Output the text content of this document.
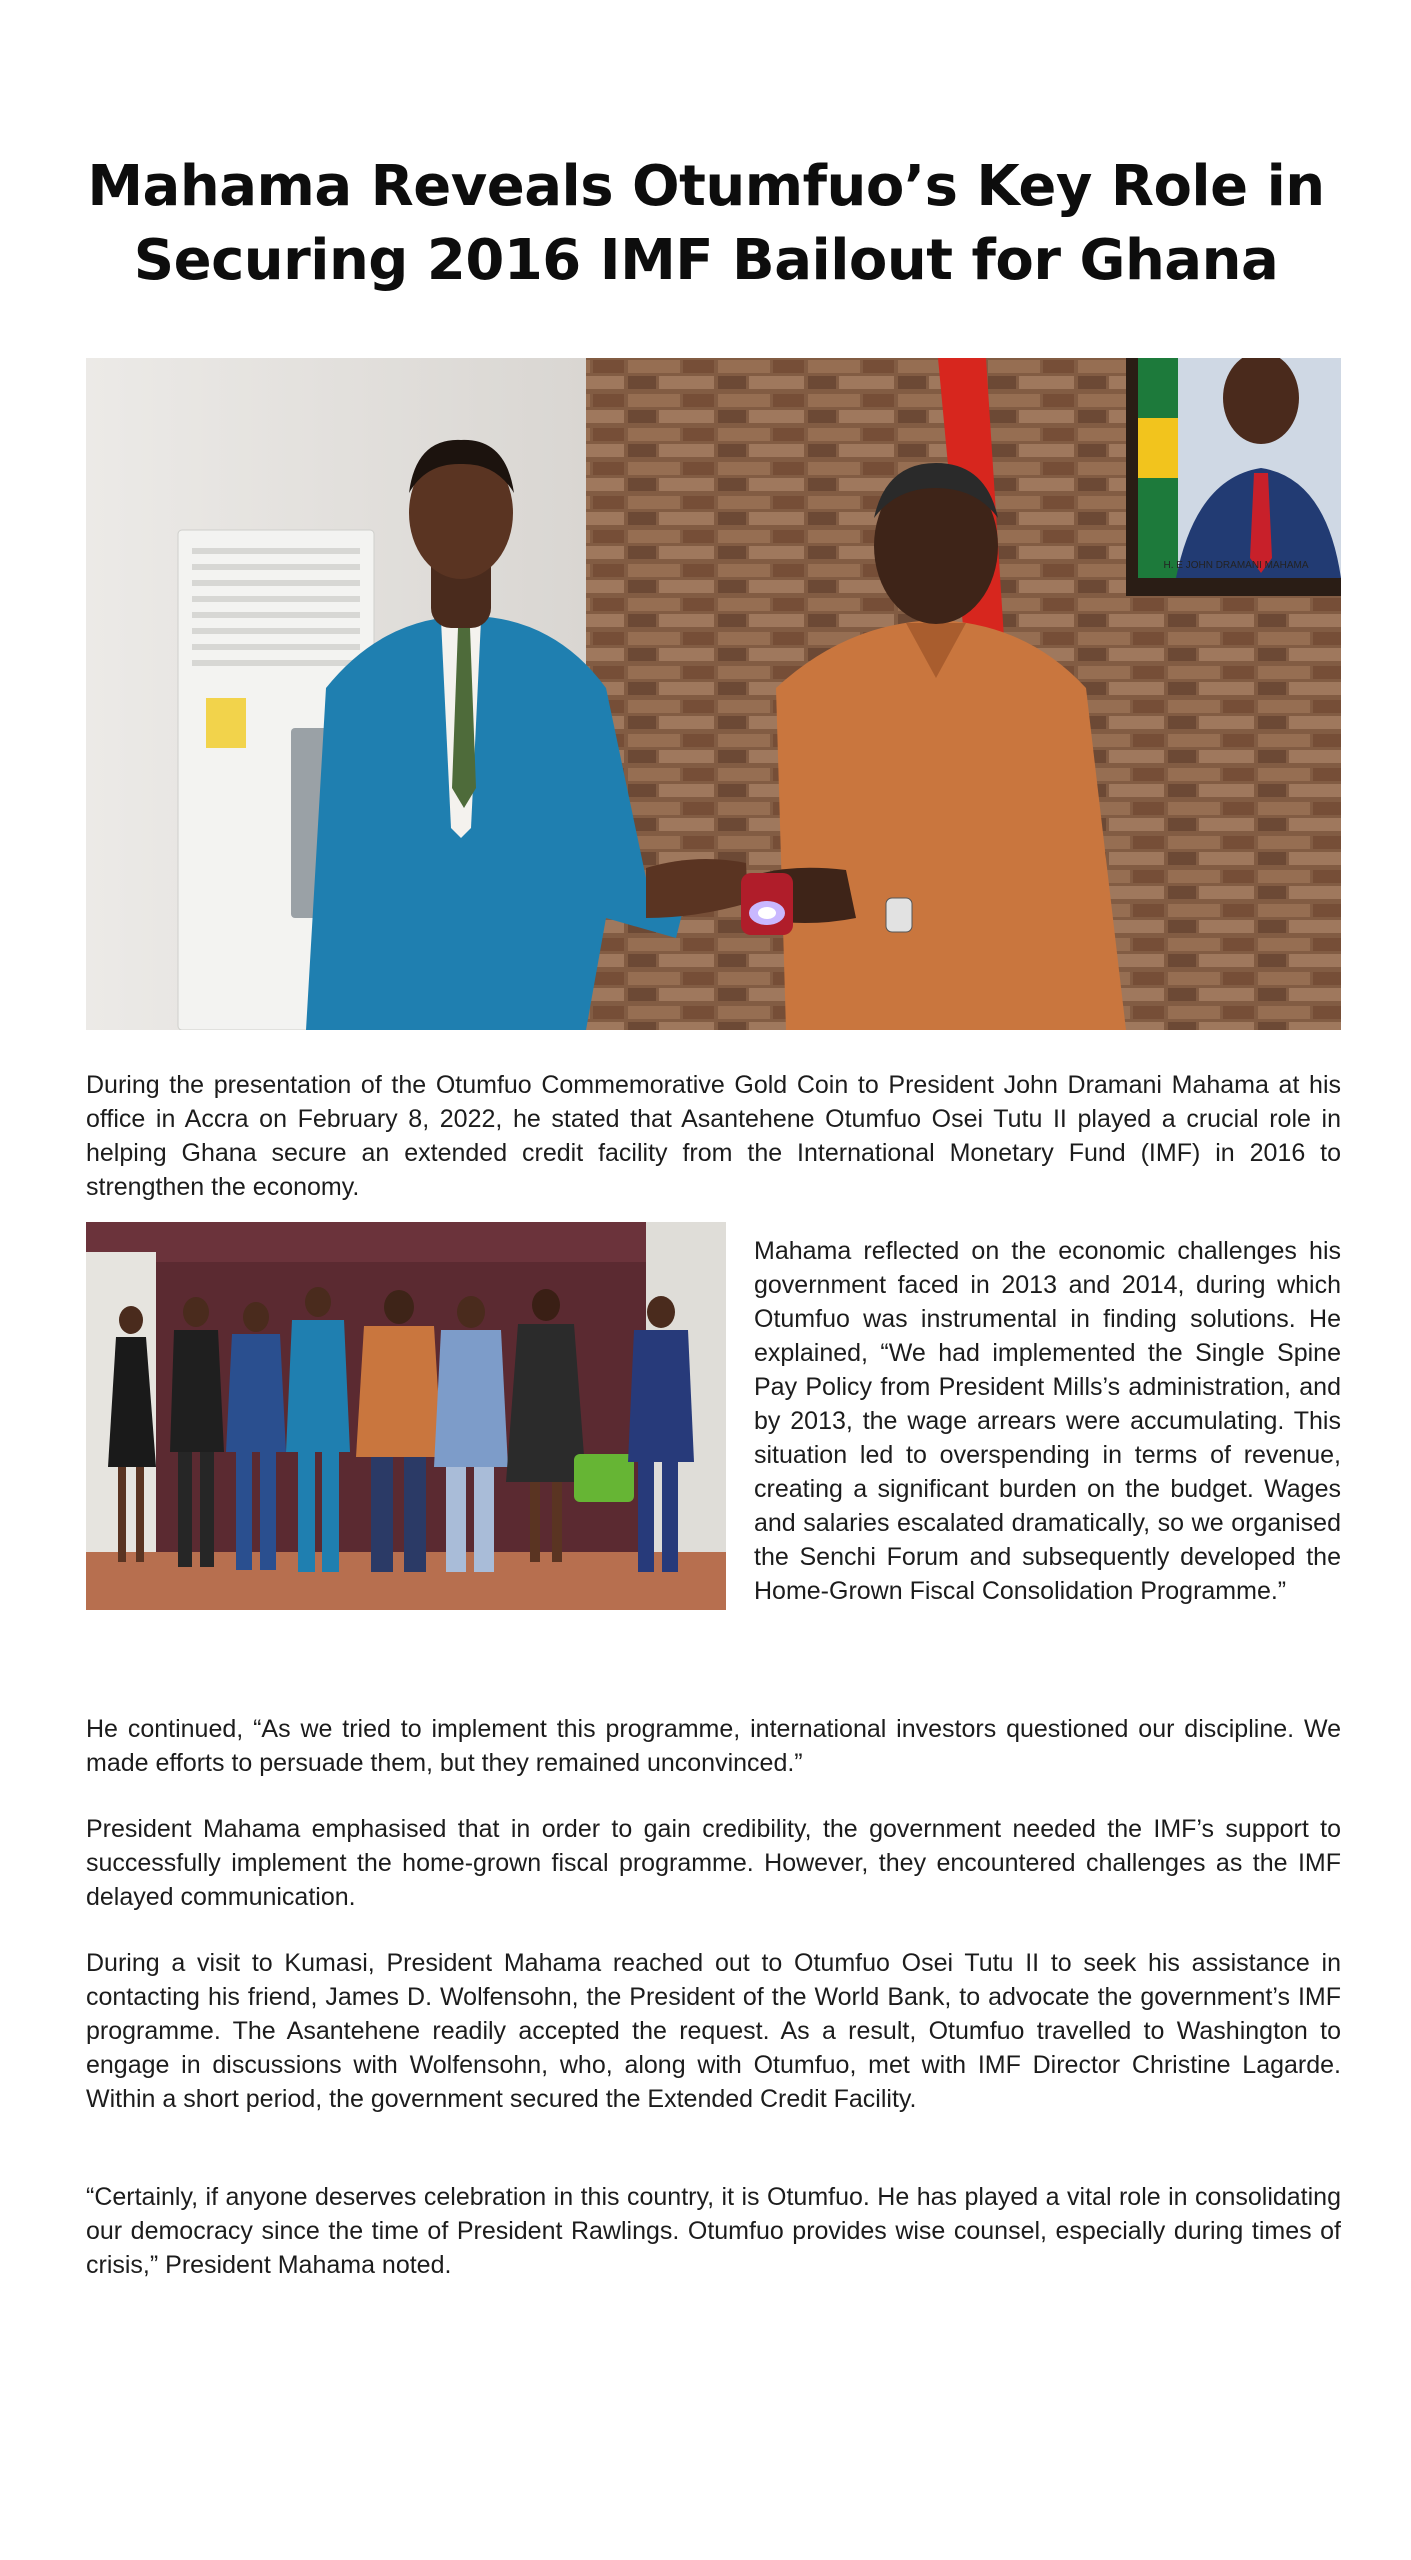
Mahama Reveals Otumfuo’s Key Role in
Securing 2016 IMF Bailout for Ghana
H. E JOHN DRAMANI MAHAMA

During the presentation of the Otumfuo Commemorative Gold Coin to President John Dramani Mahama at his office in Accra on February 8, 2022, he stated that Asantehene Otumfuo Osei Tutu II played a crucial role in helping Ghana secure an extended credit facility from the International Monetary Fund (IMF) in 2016 to strengthen the economy.

Mahama reflected on the economic challenges his government faced in 2013 and 2014, during which Otumfuo was instrumental in finding solutions. He explained, “We had implemented the Single Spine Pay Policy from President Mills’s administration, and by 2013, the wage arrears were accumulating. This situation led to overspending in terms of revenue, creating a significant burden on the budget. Wages and salaries escalated dramatically, so we organised the Senchi Forum and subsequently developed the Home-Grown Fiscal Consolidation Programme.”

He continued, “As we tried to implement this programme, international investors questioned our discipline. We made efforts to persuade them, but they remained unconvinced.”

President Mahama emphasised that in order to gain credibility, the government needed the IMF’s support to successfully implement the home-grown fiscal programme. However, they encountered challenges as the IMF delayed communication.

During a visit to Kumasi, President Mahama reached out to Otumfuo Osei Tutu II to seek his assistance in contacting his friend, James D. Wolfensohn, the President of the World Bank, to advocate the government’s IMF programme. The Asantehene readily accepted the request. As a result, Otumfuo travelled to Washington to engage in discussions with Wolfensohn, who, along with Otumfuo, met with IMF Director Christine Lagarde. Within a short period, the government secured the Extended Credit Facility.

“Certainly, if anyone deserves celebration in this country, it is Otumfuo. He has played a vital role in consolidating our democracy since the time of President Rawlings. Otumfuo provides wise counsel, especially during times of crisis,” President Mahama noted.
